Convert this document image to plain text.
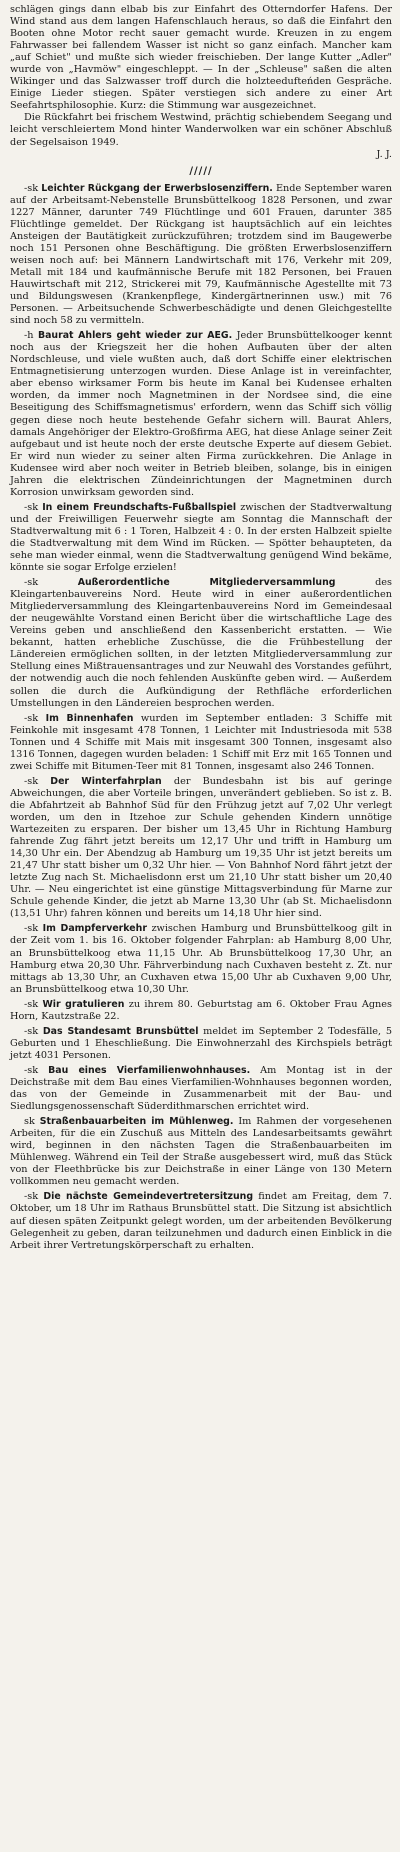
schlägen gings dann elbab bis zur Einfahrt des Otterndorfer Hafens. Der Wind stand aus dem langen Hafenschlauch heraus, so daß die Einfahrt den Booten ohne Motor recht sauer gemacht wurde. Kreuzen in zu engem Fahrwasser bei fallendem Wasser ist nicht so ganz einfach. Mancher kam „auf Schiet" und mußte sich wieder freischieben. Der lange Kutter „Adler" wurde von „Havmöw" eingeschleppt. — In der „Schleuse" saßen die alten Wikinger und das Salzwasser troff durch die holzteedufteńden Gespräche. Einige Lieder stiegen. Später verstiegen sich andere zu einer Art Seefahrtsphilosophie. Kurz: die Stimmung war ausgezeichnet.

Die Rückfahrt bei frischem Westwind, prächtig schiebendem Seegang und leicht verschleiertem Mond hinter Wanderwolken war ein schöner Abschluß der Segelsaison 1949.

J. J.
/////

-sk Leichter Rückgang der Erwerbslosenziffern. Ende September waren auf der Arbeitsamt-Nebenstelle Brunsbüttelkoog 1828 Personen, und zwar 1227 Männer, darunter 749 Flüchtlinge und 601 Frauen, darunter 385 Flüchtlinge gemeldet. Der Rückgang ist hauptsächlich auf ein leichtes Ansteigen der Bautätigkeit zurückzuführen; trotzdem sind im Baugewerbe noch 151 Personen ohne Beschäftigung. Die größten Erwerbslosenziffern weisen noch auf: bei Männern Landwirtschaft mit 176, Verkehr mit 209, Metall mit 184 und kaufmännische Berufe mit 182 Personen, bei Frauen Hauwirtschaft mit 212, Strickerei mit 79, Kaufmännische Agestellte mit 73 und Bildungswesen (Krankenpflege, Kindergärtnerinnen usw.) mit 76 Personen. — Arbeitsuchende Schwerbeschädigte und denen Gleichgestellte sind noch 58 zu vermitteln.

-h Baurat Ahlers geht wieder zur AEG. Jeder Brunsbüttelkooger kennt noch aus der Kriegszeit her die hohen Aufbauten über der alten Nordschleuse, und viele wußten auch, daß dort Schiffe einer elektrischen Entmagnetisierung unterzogen wurden. Diese Anlage ist in vereinfachter, aber ebenso wirksamer Form bis heute im Kanal bei Kudensee erhalten worden, da immer noch Magnetminen in der Nordsee sind, die eine Beseitigung des Schiffsmagnetismus' erfordern, wenn das Schiff sich völlig gegen diese noch heute bestehende Gefahr sichern will. Baurat Ahlers, damals Angehöriger der Elektro-Großfirma AEG, hat diese Anlage seiner Zeit aufgebaut und ist heute noch der erste deutsche Experte auf diesem Gebiet. Er wird nun wieder zu seiner alten Firma zurückkehren. Die Anlage in Kudensee wird aber noch weiter in Betrieb bleiben, solange, bis in einigen Jahren die elektrischen Zündeinrichtungen der Magnetminen durch Korrosion unwirksam geworden sind.

-sk In einem Freundschafts-Fußballspiel zwischen der Stadtverwaltung und der Freiwilligen Feuerwehr siegte am Sonntag die Mannschaft der Stadtverwaltung mit 6 : 1 Toren, Halbzeit 4 : 0. In der ersten Halbzeit spielte die Stadtverwaltung mit dem Wind im Rücken. — Spötter behaupteten, da sehe man wieder einmal, wenn die Stadtverwaltung genügend Wind bekäme, könnte sie sogar Erfolge erzielen!

-sk	Außerordentliche Mitgliederversammlung	des Kleingartenbauvereins Nord. Heute wird in einer außerordentlichen Mitgliederversammlung des Kleingartenbauvereins Nord im Gemeindesaal der neugewählte Vorstand einen Bericht über die wirtschaftliche Lage des Vereins geben und anschließend den Kassenbericht erstatten. — Wie bekannt, hatten erhebliche Zuschüsse, die die Frühbestellung der Ländereien ermöglichen sollten, in der letzten Mitgliederversammlung zur Stellung eines Mißtrauensantrages und zur Neuwahl des Vorstandes geführt, der notwendig auch die noch fehlenden Auskünfte geben wird. — Außerdem sollen die durch die Aufkündigung der Rethfläche erforderlichen Umstellungen in den Ländereien besprochen werden.

-sk Im Binnenhafen wurden im September entladen: 3 Schiffe mit Feinkohle mit insgesamt 478 Tonnen, 1 Leichter mit Industriesoda mit 538 Tonnen und 4 Schiffe mit Mais mit insgesamt 300 Tonnen, insgesamt also 1316 Tonnen, dagegen wurden beladen: 1 Schiff mit Erz mit 165 Tonnen und zwei Schiffe mit Bitumen-Teer mit 81 Tonnen, insgesamt also 246 Tonnen.

-sk Der Winterfahrplan der Bundesbahn ist bis auf geringe Abweichungen, die aber Vorteile bringen, unverändert geblieben. So ist z. B. die Abfahrtzeit ab Bahnhof Süd für den Frühzug jetzt auf 7,02 Uhr verlegt worden, um den in Itzehoe zur Schule gehenden Kindern unnötige Wartezeiten zu ersparen. Der bisher um 13,45 Uhr in Richtung Hamburg fahrende Zug fährt jetzt bereits um 12,17 Uhr und trifft in Hamburg um 14,30 Uhr ein. Der Abendzug ab Hamburg um 19,35 Uhr ist jetzt bereits um 21,47 Uhr statt bisher um 0,32 Uhr hier. — Von Bahnhof Nord fährt jetzt der letzte Zug nach St. Michaelisdonn erst um 21,10 Uhr statt bisher um 20,40 Uhr. — Neu eingerichtet ist eine günstige Mittagsverbindung für Marne zur Schule gehende Kinder, die jetzt ab Marne 13,30 Uhr (ab St. Michaelisdonn (13,51 Uhr) fahren können und bereits um 14,18 Uhr hier sind.

-sk Im Dampferverkehr zwischen Hamburg und Brunsbüttelkoog gilt in der Zeit vom 1. bis 16. Oktober folgender Fahrplan: ab Hamburg 8,00 Uhr, an Brunsbüttelkoog etwa 11,15 Uhr. Ab Brunsbüttelkoog 17,30 Uhr, an Hamburg etwa 20,30 Uhr. Fährverbindung nach Cuxhaven besteht z. Zt. nur mittags ab 13,30 Uhr, an Cuxhaven etwa 15,00 Uhr ab Cuxhaven 9,00 Uhr, an Brunsbüttelkoog etwa 10,30 Uhr.

-sk Wir gratulieren zu ihrem 80. Geburtstag am 6. Oktober Frau Agnes Horn, Kautzstraße 22.

-sk Das Standesamt Brunsbüttel meldet im September 2 Todesfälle, 5 Geburten und 1 Eheschließung. Die Einwohnerzahl des Kirchspiels beträgt jetzt 4031 Personen.

-sk Bau eines Vierfamilienwohnhauses. Am Montag ist in der Deichstraße mit dem Bau eines Vierfamilien-Wohnhauses begonnen worden, das von der Gemeinde in Zusammenarbeit mit der Bau- und Siedlungsgenossenschaft Süderdithmarschen errichtet wird.

sk Straßenbauarbeiten im Mühlenweg. Im Rahmen der vorgesehenen Arbeiten, für die ein Zuschuß aus Mitteln des Landesarbeitsamts gewährt wird, beginnen in den nächsten Tagen die Straßenbauarbeiten im Mühlenweg. Während ein Teil der Straße ausgebessert wird, muß das Stück von der Fleethbrücke bis zur Deichstraße in einer Länge von 130 Metern vollkommen neu gemacht werden.

-sk Die nächste Gemeindevertretersitzung findet am Freitag, dem 7. Oktober, um 18 Uhr im Rathaus Brunsbüttel statt. Die Sitzung ist absichtlich auf diesen späten Zeitpunkt gelegt worden, um der arbeitenden Bevölkerung Gelegenheit zu geben, daran teilzunehmen und dadurch einen Einblick in die Arbeit ihrer Vertretungskörperschaft zu erhalten.
